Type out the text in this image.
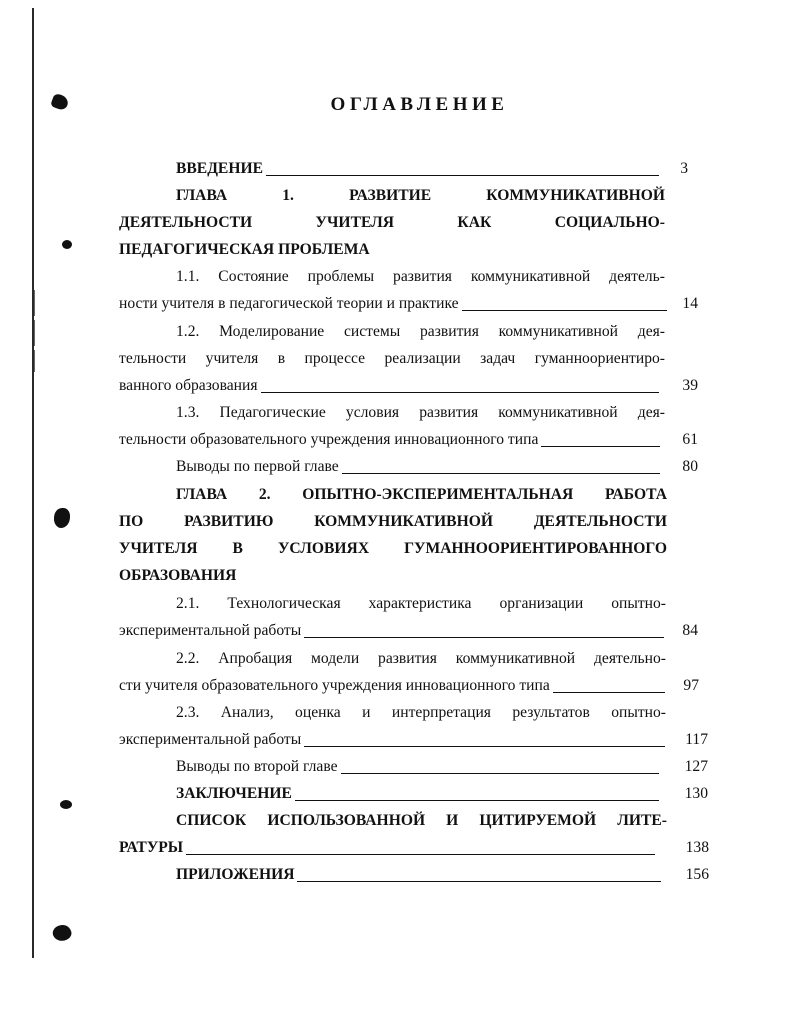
ОГЛАВЛЕНИЕ
ВВЕДЕНИЕ	3
ГЛАВА 1. РАЗВИТИЕ КОММУНИКАТИВНОЙ
ДЕЯТЕЛЬНОСТИ УЧИТЕЛЯ КАК СОЦИАЛЬНО-
ПЕДАГОГИЧЕСКАЯ ПРОБЛЕМА
1.1. Состояние проблемы развития коммуникативной деятель-
ности учителя в педагогической теории и практике	14
1.2. Моделирование системы развития коммуникативной дея-
тельности учителя в процессе реализации задач гуманноориентиро-
ванного образования	39
1.3. Педагогические условия развития коммуникативной дея-
тельности образовательного учреждения инновационного типа	61
Выводы по первой главе	80
ГЛАВА 2. ОПЫТНО-ЭКСПЕРИМЕНТАЛЬНАЯ РАБОТА
ПО РАЗВИТИЮ КОММУНИКАТИВНОЙ ДЕЯТЕЛЬНОСТИ
УЧИТЕЛЯ В УСЛОВИЯХ ГУМАННООРИЕНТИРОВАННОГО
ОБРАЗОВАНИЯ
2.1. Технологическая характеристика организации опытно-
экспериментальной работы	84
2.2. Апробация модели развития коммуникативной деятельно-
сти учителя образовательного учреждения инновационного типа	97
2.3. Анализ, оценка и интерпретация результатов опытно-
экспериментальной работы	117
Выводы по второй главе	127
ЗАКЛЮЧЕНИЕ	130
СПИСОК ИСПОЛЬЗОВАННОЙ И ЦИТИРУЕМОЙ ЛИТЕ-
РАТУРЫ	138
ПРИЛОЖЕНИЯ	156
